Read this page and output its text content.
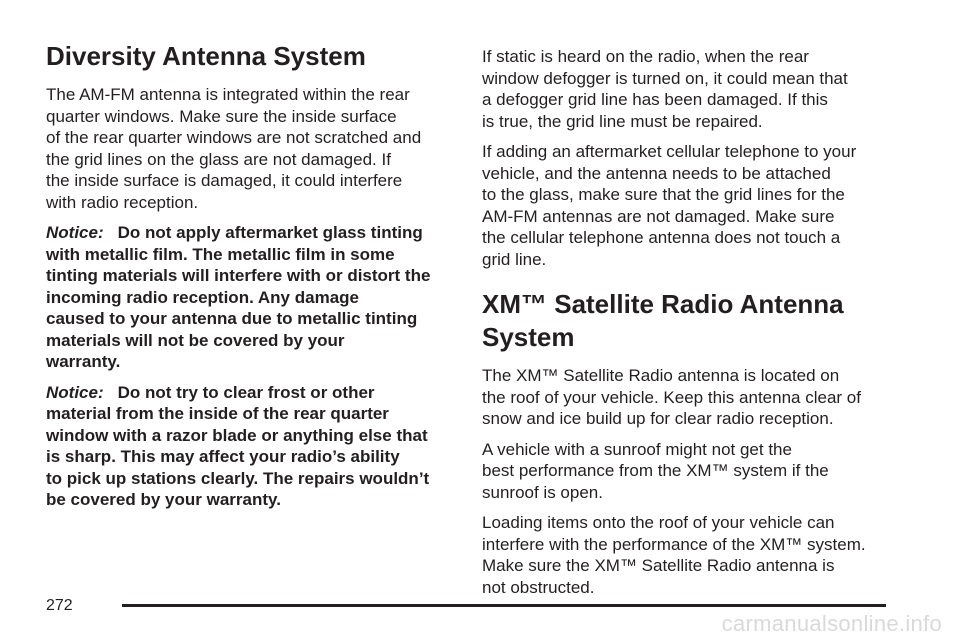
Diversity Antenna System

The AM-FM antenna is integrated within the rear
quarter windows. Make sure the inside surface
of the rear quarter windows are not scratched and
the grid lines on the glass are not damaged. If
the inside surface is damaged, it could interfere
with radio reception.

Notice: Do not apply aftermarket glass tinting
with metallic film. The metallic film in some
tinting materials will interfere with or distort the
incoming radio reception. Any damage
caused to your antenna due to metallic tinting
materials will not be covered by your
warranty.

Notice: Do not try to clear frost or other
material from the inside of the rear quarter
window with a razor blade or anything else that
is sharp. This may affect your radio’s ability
to pick up stations clearly. The repairs wouldn’t
be covered by your warranty.

If static is heard on the radio, when the rear
window defogger is turned on, it could mean that
a defogger grid line has been damaged. If this
is true, the grid line must be repaired.

If adding an aftermarket cellular telephone to your
vehicle, and the antenna needs to be attached
to the glass, make sure that the grid lines for the
AM-FM antennas are not damaged. Make sure
the cellular telephone antenna does not touch a
grid line.

XM™ Satellite Radio Antenna
System

The XM™ Satellite Radio antenna is located on
the roof of your vehicle. Keep this antenna clear of
snow and ice build up for clear radio reception.

A vehicle with a sunroof might not get the
best performance from the XM™ system if the
sunroof is open.

Loading items onto the roof of your vehicle can
interfere with the performance of the XM™ system.
Make sure the XM™ Satellite Radio antenna is
not obstructed.

272
carmanualsonline.info
